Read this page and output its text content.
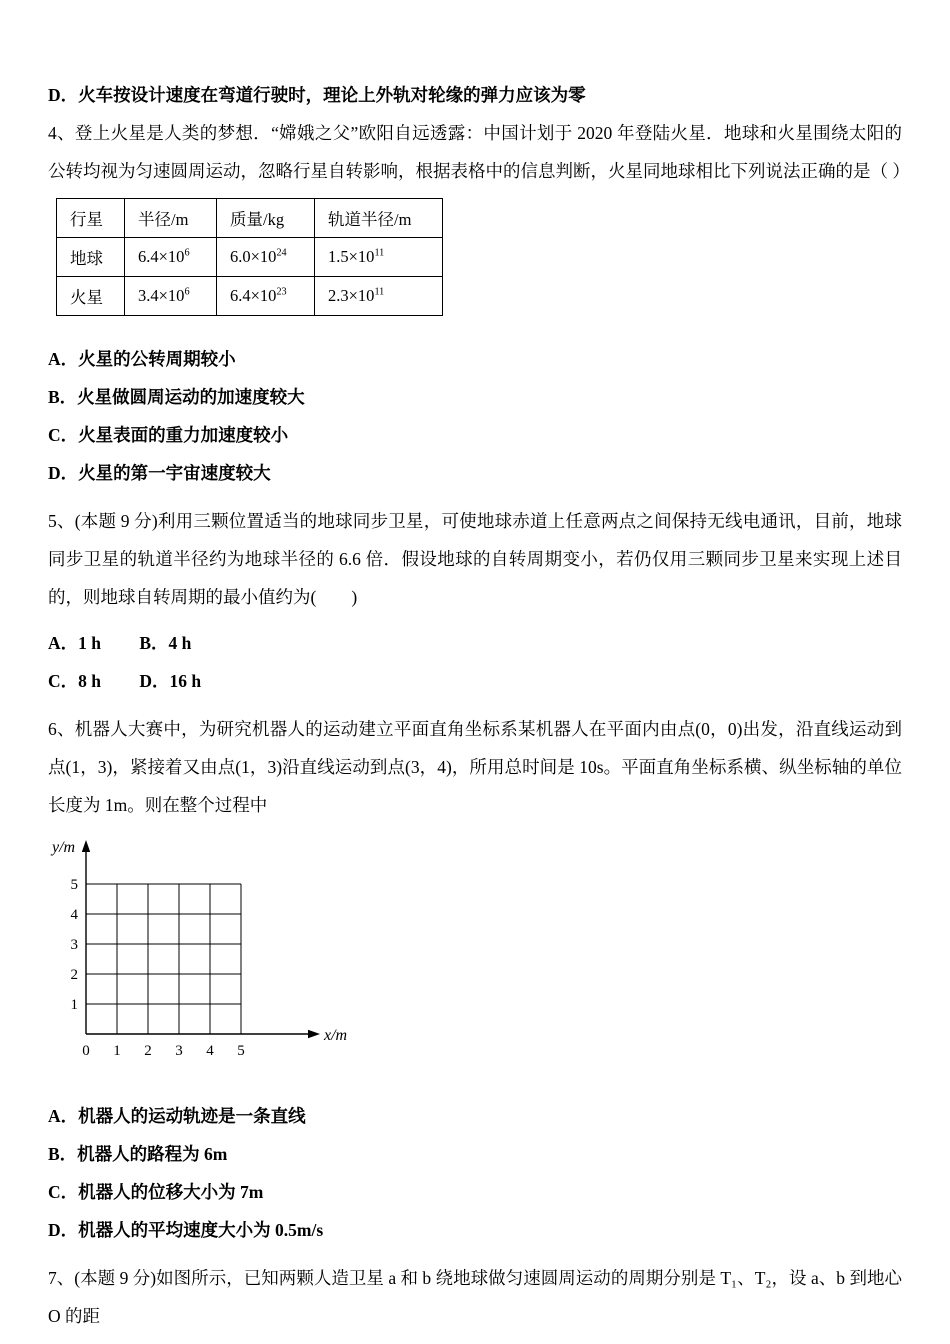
D．火车按设计速度在弯道行驶时，理论上外轨对轮缘的弹力应该为零

4、登上火星是人类的梦想．“嫦娥之父”欧阳自远透露：中国计划于 2020 年登陆火星．地球和火星围绕太阳的公转均视为匀速圆周运动，忽略行星自转影响，根据表格中的信息判断，火星同地球相比下列说法正确的是（ ）

行星	半径/m	质量/kg	轨道半径/m
地球	$6.4\times 10^6$	$6.0\times 10^{24}$	$1.5\times 10^{11}$
火星	$3.4\times 10^6$	$6.4\times 10^{23}$	$2.3\times 10^{11}$

A．火星的公转周期较小

B．火星做圆周运动的加速度较大

C．火星表面的重力加速度较小

D．火星的第一宇宙速度较大

5、(本题 9 分)利用三颗位置适当的地球同步卫星，可使地球赤道上任意两点之间保持无线电通讯，目前，地球同步卫星的轨道半径约为地球半径的 6.6 倍．假设地球的自转周期变小，若仍仅用三颗同步卫星来实现上述目的，则地球自转周期的最小值约为(　　)

A．1 h B．4 h

C．8 h D．16 h

6、机器人大赛中，为研究机器人的运动建立平面直角坐标系某机器人在平面内由点(0，0)出发，沿直线运动到点(1，3)，紧接着又由点(1，3)沿直线运动到点(3，4)，所用总时间是 10s。平面直角坐标系横、纵坐标轴的单位长度为 1m。则在整个过程中

y/m
x/m
5
4
3
2
1
0 1 2 3 4 5

A．机器人的运动轨迹是一条直线

B．机器人的路程为 6m

C．机器人的位移大小为 7m

D．机器人的平均速度大小为 0.5m/s

7、(本题 9 分)如图所示，已知两颗人造卫星 a 和 b 绕地球做匀速圆周运动的周期分别是 T₁、T₂，设 a、b 到地心 O 的距
